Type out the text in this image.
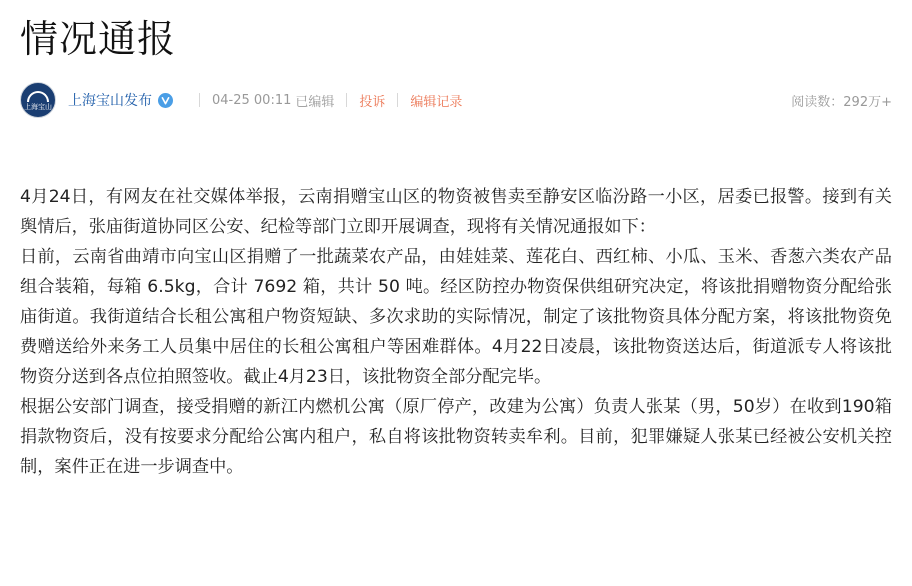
情况通报
上海宝山 上海宝山发布	04-25 00:11 已编辑 投诉 编辑记录	阅读数：292万+

4月24日，有网友在社交媒体举报，云南捐赠宝山区的物资被售卖至静安区临汾路一小区，居委已报警。接到有关舆情后，张庙街道协同区公安、纪检等部门立即开展调查，现将有关情况通报如下：

日前，云南省曲靖市向宝山区捐赠了一批蔬菜农产品，由娃娃菜、莲花白、西红柿、小瓜、玉米、香葱六类农产品组合装箱，每箱 6.5kg，合计 7692 箱，共计 50 吨。经区防控办物资保供组研究决定，将该批捐赠物资分配给张庙街道。我街道结合长租公寓租户物资短缺、多次求助的实际情况，制定了该批物资具体分配方案，将该批物资免费赠送给外来务工人员集中居住的长租公寓租户等困难群体。4月22日凌晨，该批物资送达后，街道派专人将该批物资分送到各点位拍照签收。截止4月23日，该批物资全部分配完毕。

根据公安部门调查，接受捐赠的新江内燃机公寓（原厂停产，改建为公寓）负责人张某（男，50岁）在收到190箱捐款物资后，没有按要求分配给公寓内租户，私自将该批物资转卖牟利。目前，犯罪嫌疑人张某已经被公安机关控制，案件正在进一步调查中。
